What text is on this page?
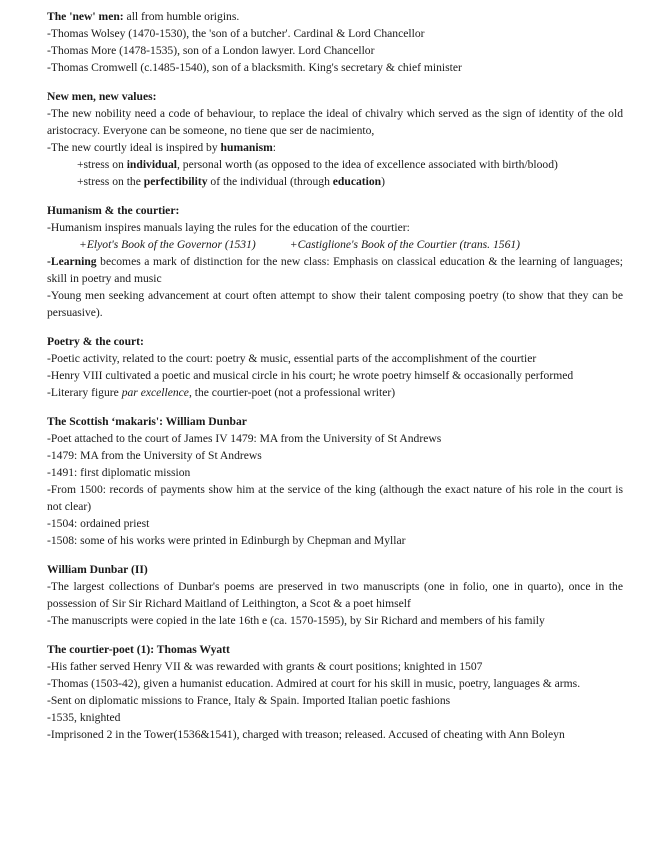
The 'new' men: all from humble origins.
-Thomas Wolsey (1470-1530), the 'son of a butcher'. Cardinal & Lord Chancellor
-Thomas More (1478-1535), son of a London lawyer. Lord Chancellor
-Thomas Cromwell (c.1485-1540), son of a blacksmith. King's secretary & chief minister
New men, new values:
-The new nobility need a code of behaviour, to replace the ideal of chivalry which served as the sign of identity of the old aristocracy. Everyone can be someone, no tiene que ser de nacimiento,
-The new courtly ideal is inspired by humanism:
+stress on individual, personal worth (as opposed to the idea of excellence associated with birth/blood)
+stress on the perfectibility of the individual (through education)
Humanism & the courtier:
-Humanism inspires manuals laying the rules for the education of the courtier:
+Elyot's Book of the Governor (1531)	+Castiglione's Book of the Courtier (trans. 1561)
-Learning becomes a mark of distinction for the new class: Emphasis on classical education & the learning of languages; skill in poetry and music
-Young men seeking advancement at court often attempt to show their talent composing poetry (to show that they can be persuasive).
Poetry & the court:
-Poetic activity, related to the court: poetry & music, essential parts of the accomplishment of the courtier
-Henry VIII cultivated a poetic and musical circle in his court; he wrote poetry himself & occasionally performed
-Literary figure par excellence, the courtier-poet (not a professional writer)
The Scottish ‘makaris': William Dunbar
-Poet attached to the court of James IV 1479: MA from the University of St Andrews
-1479: MA from the University of St Andrews
-1491: first diplomatic mission
-From 1500: records of payments show him at the service of the king (although the exact nature of his role in the court is not clear)
-1504: ordained priest
-1508: some of his works were printed in Edinburgh by Chepman and Myllar
William Dunbar (II)
-The largest collections of Dunbar's poems are preserved in two manuscripts (one in folio, one in quarto), once in the possession of Sir Sir Richard Maitland of Leithington, a Scot & a poet himself
-The manuscripts were copied in the late 16th e (ca. 1570-1595), by Sir Richard and members of his family
The courtier-poet (1): Thomas Wyatt
-His father served Henry VII & was rewarded with grants & court positions; knighted in 1507
-Thomas (1503-42), given a humanist education. Admired at court for his skill in music, poetry, languages & arms.
-Sent on diplomatic missions to France, Italy & Spain. Imported Italian poetic fashions
-1535, knighted
-Imprisoned 2 in the Tower(1536&1541), charged with treason; released. Accused of cheating with Ann Boleyn
